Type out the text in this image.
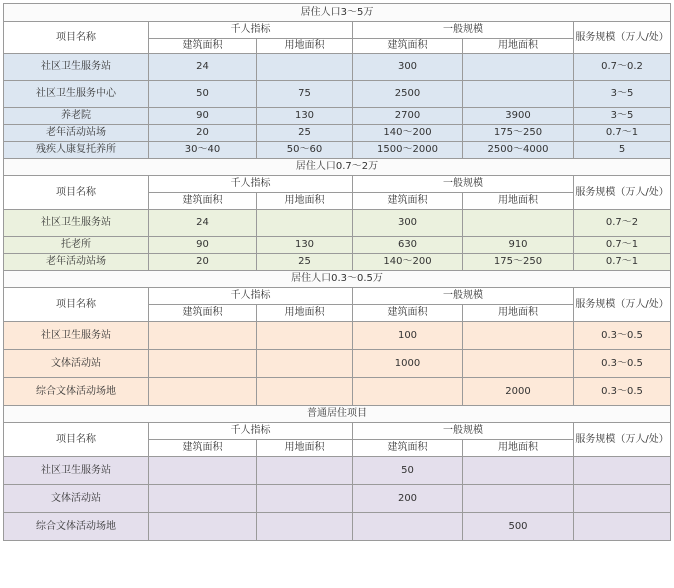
居住人口3～5万					
项目名称	千人指标		一般规模		服务规模（万人/处）
	建筑面积	用地面积	建筑面积	用地面积	
社区卫生服务站	24		300		0.7～0.2
社区卫生服务中心	50	75	2500		3～5
养老院	90	130	2700	3900	3～5
老年活动站场	20	25	140～200	175～250	0.7～1
残疾人康复托养所	30～40	50～60	1500～2000	2500～4000	5
居住人口0.7～2万					
项目名称	千人指标		一般规模		服务规模（万人/处）
	建筑面积	用地面积	建筑面积	用地面积	
社区卫生服务站	24		300		0.7～2
托老所	90	130	630	910	0.7～1
老年活动站场	20	25	140～200	175～250	0.7～1
居住人口0.3～0.5万					
项目名称	千人指标		一般规模		服务规模（万人/处）
	建筑面积	用地面积	建筑面积	用地面积	
社区卫生服务站			100		0.3～0.5
文体活动站			1000		0.3～0.5
综合文体活动场地				2000	0.3～0.5
普通居住项目					
项目名称	千人指标		一般规模		服务规模（万人/处）
	建筑面积	用地面积	建筑面积	用地面积	
社区卫生服务站			50		
文体活动站			200		
综合文体活动场地				500	
